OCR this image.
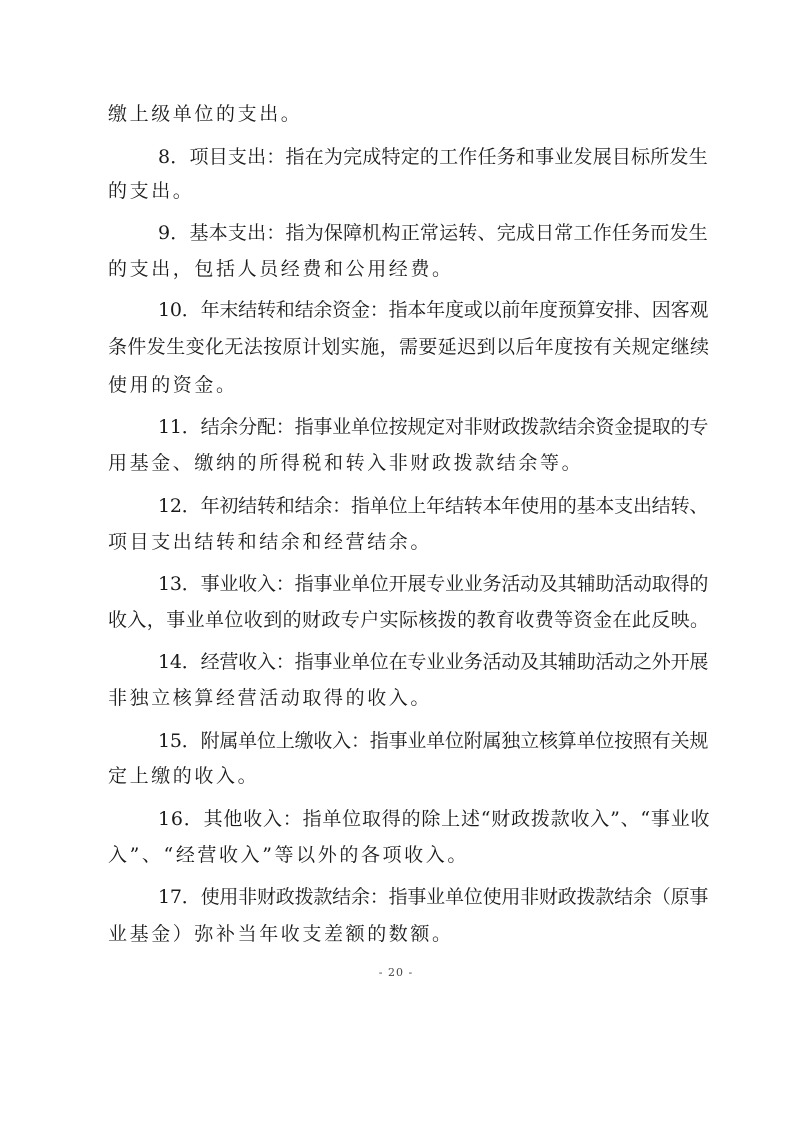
缴上级单位的支出。
8．项目支出：指在为完成特定的工作任务和事业发展目标所发生
的支出。
9．基本支出：指为保障机构正常运转、完成日常工作任务而发生
的支出，包括人员经费和公用经费。
10．年末结转和结余资金：指本年度或以前年度预算安排、因客观
条件发生变化无法按原计划实施，需要延迟到以后年度按有关规定继续
使用的资金。
11．结余分配：指事业单位按规定对非财政拨款结余资金提取的专
用基金、缴纳的所得税和转入非财政拨款结余等。
12．年初结转和结余：指单位上年结转本年使用的基本支出结转、
项目支出结转和结余和经营结余。
13．事业收入：指事业单位开展专业业务活动及其辅助活动取得的
收入，事业单位收到的财政专户实际核拨的教育收费等资金在此反映。
14．经营收入：指事业单位在专业业务活动及其辅助活动之外开展
非独立核算经营活动取得的收入。
15．附属单位上缴收入：指事业单位附属独立核算单位按照有关规
定上缴的收入。
16．其他收入：指单位取得的除上述“财政拨款收入”、“事业收
入”、“经营收入”等以外的各项收入。
17．使用非财政拨款结余：指事业单位使用非财政拨款结余（原事
业基金）弥补当年收支差额的数额。
- 20 -
